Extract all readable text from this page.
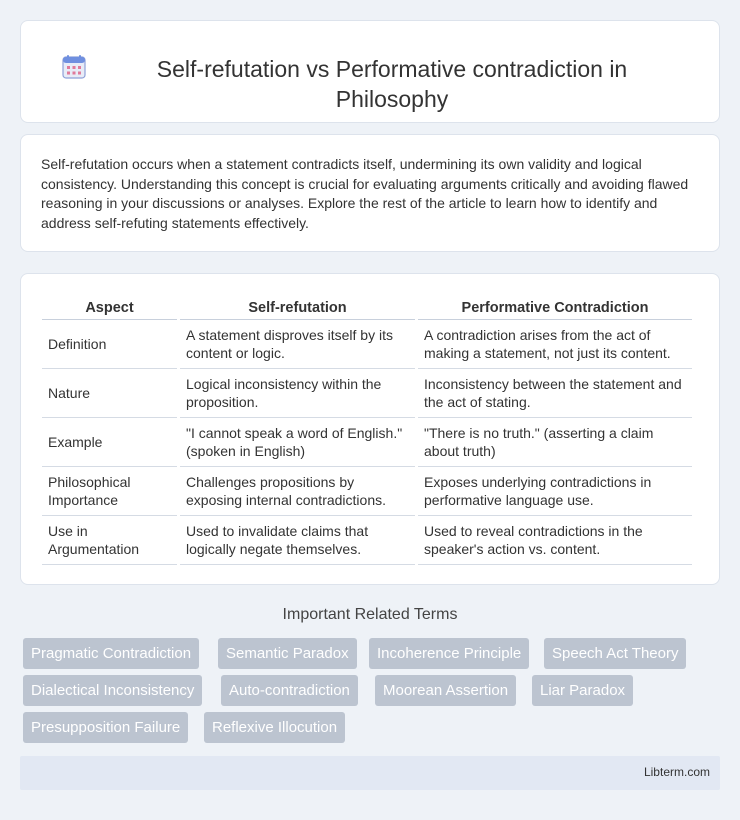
Self-refutation vs Performative contradiction in Philosophy

Self-refutation occurs when a statement contradicts itself, undermining its own validity and logical consistency. Understanding this concept is crucial for evaluating arguments critically and avoiding flawed reasoning in your discussions or analyses. Explore the rest of the article to learn how to identify and address self-refuting statements effectively.

Aspect	Self-refutation	Performative Contradiction
Definition	A statement disproves itself by its content or logic.	A contradiction arises from the act of making a statement, not just its content.
Nature	Logical inconsistency within the proposition.	Inconsistency between the statement and the act of stating.
Example	"I cannot speak a word of English." (spoken in English)	"There is no truth." (asserting a claim about truth)
Philosophical Importance	Challenges propositions by exposing internal contradictions.	Exposes underlying contradictions in performative language use.
Use in Argumentation	Used to invalidate claims that logically negate themselves.	Used to reveal contradictions in the speaker's action vs. content.
Important Related Terms
Pragmatic Contradiction	Semantic Paradox	Incoherence Principle	Speech Act Theory
Dialectical Inconsistency	Auto-contradiction	Moorean Assertion	Liar Paradox
Presupposition Failure	Reflexive Illocution
Libterm.com
